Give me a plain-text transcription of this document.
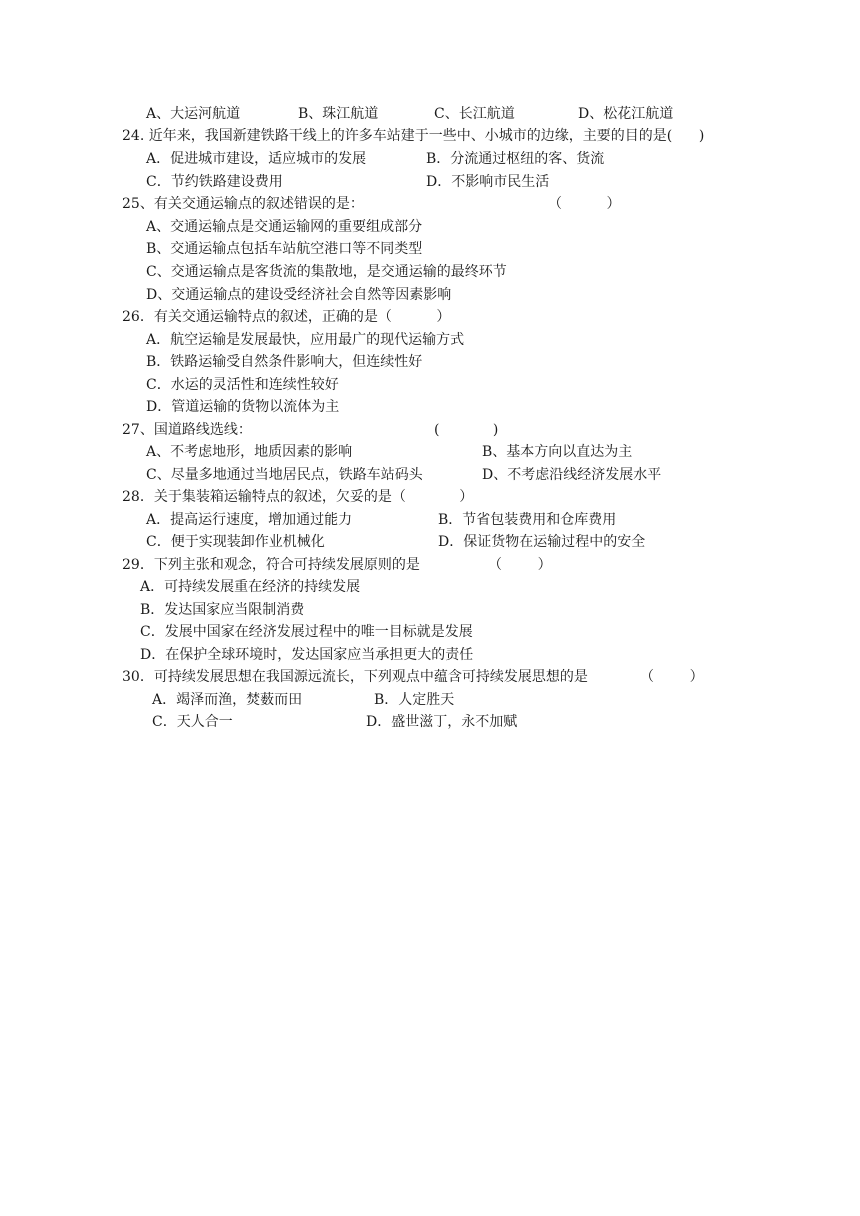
A、大运河航道	B、珠江航道	C、长江航道	D、松花江航道
24. 近年来，我国新建铁路干线上的许多车站建于一些中、小城市的边缘，主要的目的是(      )
A．促进城市建设，适应城市的发展	B．分流通过枢纽的客、货流
C．节约铁路建设费用	D．不影响市民生活
25、有关交通运输点的叙述错误的是：	（          ）
A、交通运输点是交通运输网的重要组成部分
B、交通运输点包括车站航空港口等不同类型
C、交通运输点是客货流的集散地，是交通运输的最终环节
D、交通运输点的建设受经济社会自然等因素影响
26．有关交通运输特点的叙述，正确的是（          ）
A．航空运输是发展最快，应用最广的现代运输方式
B．铁路运输受自然条件影响大，但连续性好
C．水运的灵活性和连续性较好
D．管道运输的货物以流体为主
27、国道路线选线：	(            )
A、不考虑地形，地质因素的影响	B、基本方向以直达为主
C、尽量多地通过当地居民点，铁路车站码头	D、不考虑沿线经济发展水平
28．关于集装箱运输特点的叙述，欠妥的是（            ）
A．提高运行速度，增加通过能力	B．节省包装费用和仓库费用
C．便于实现装卸作业机械化	D．保证货物在运输过程中的安全
29．下列主张和观念，符合可持续发展原则的是	（        ）
A．可持续发展重在经济的持续发展
B．发达国家应当限制消费
C．发展中国家在经济发展过程中的唯一目标就是发展
D．在保护全球环境时，发达国家应当承担更大的责任
30．可持续发展思想在我国源远流长，下列观点中蕴含可持续发展思想的是	（        ）
A．竭泽而渔，焚薮而田	B．人定胜天
C．天人合一	D．盛世滋丁，永不加赋
